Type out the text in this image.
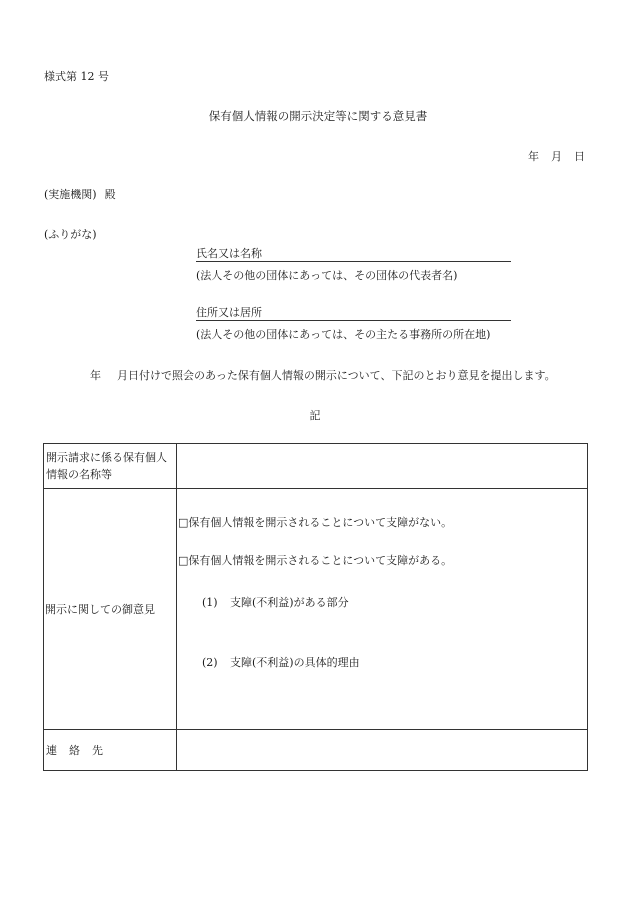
様式第 12 号
保有個人情報の開示決定等に関する意見書
年 月 日
(実施機関) 殿
(ふりがな)
氏名又は名称
(法人その他の団体にあっては、その団体の代表者名)
住所又は居所
(法人その他の団体にあっては、その主たる事務所の所在地)
年 月日付けで照会のあった保有個人情報の開示について、下記のとおり意見を提出します。
記
開示請求に係る保有個人情報の名称等	
開示に関しての御意見	□保有個人情報を開示されることについて支障がない。
□保有個人情報を開示されることについて支障がある。
(1) 支障(不利益)がある部分
(2) 支障(不利益)の具体的理由

連絡先	
